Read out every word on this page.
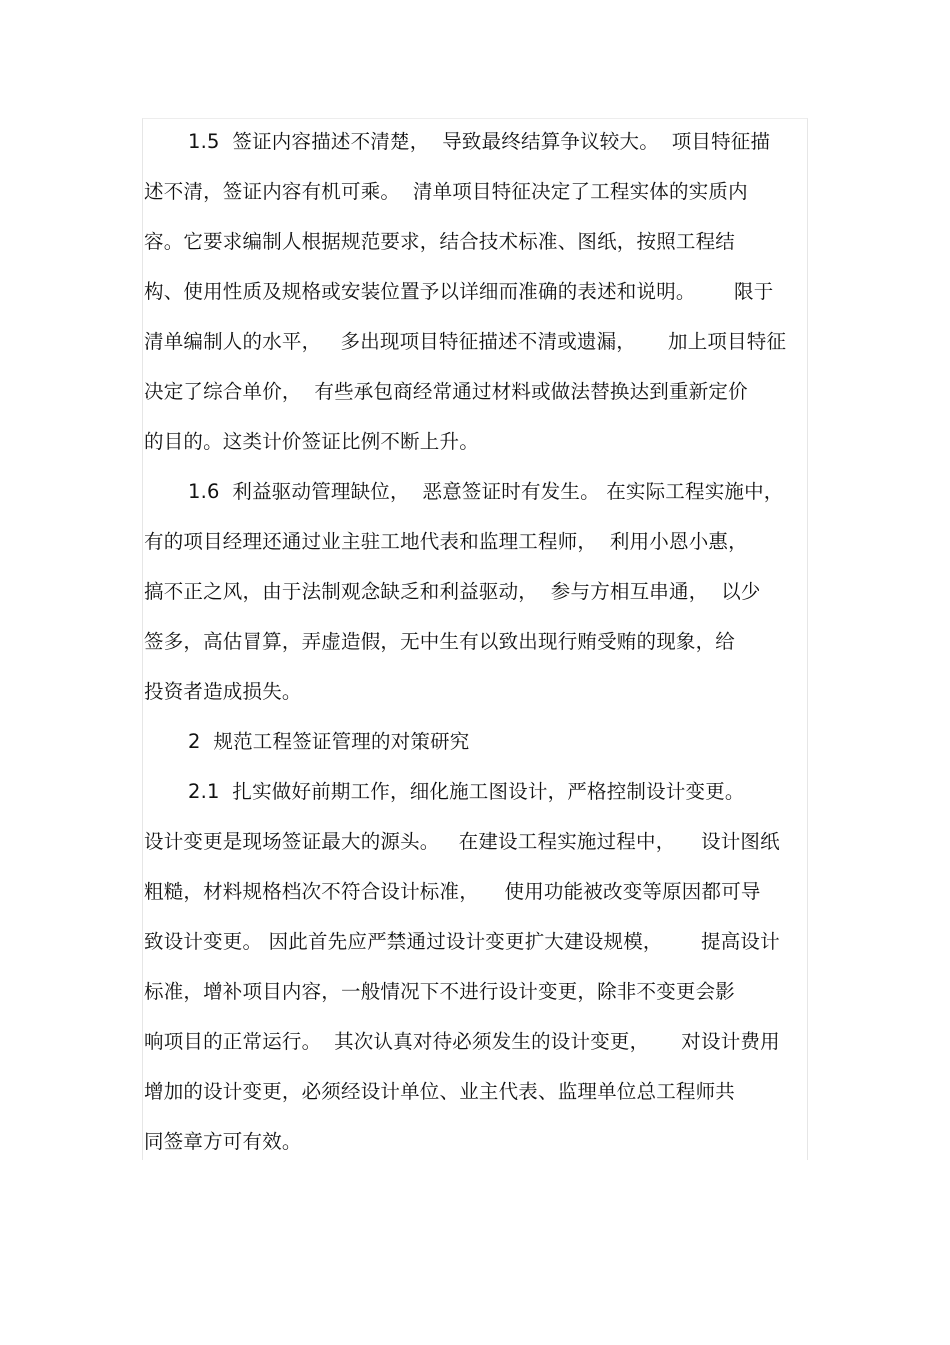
1.5  签证内容描述不清楚，  导致最终结算争议较大。  项目特征描
述不清，签证内容有机可乘。  清单项目特征决定了工程实体的实质内
容。它要求编制人根据规范要求，结合技术标准、图纸，按照工程结
构、使用性质及规格或安装位置予以详细而准确的表述和说明。      限于
清单编制人的水平，   多出现项目特征描述不清或遗漏，     加上项目特征
决定了综合单价，  有些承包商经常通过材料或做法替换达到重新定价
的目的。这类计价签证比例不断上升。
1.6  利益驱动管理缺位，  恶意签证时有发生。 在实际工程实施中，
有的项目经理还通过业主驻工地代表和监理工程师，  利用小恩小惠，
搞不正之风，由于法制观念缺乏和利益驱动，  参与方相互串通，  以少
签多，高估冒算，弄虚造假，无中生有以致出现行贿受贿的现象，给
投资者造成损失。
2  规范工程签证管理的对策研究
2.1  扎实做好前期工作，细化施工图设计，严格控制设计变更。
设计变更是现场签证最大的源头。   在建设工程实施过程中，    设计图纸
粗糙，材料规格档次不符合设计标准，    使用功能被改变等原因都可导
致设计变更。 因此首先应严禁通过设计变更扩大建设规模，      提高设计
标准，增补项目内容，一般情况下不进行设计变更，除非不变更会影
响项目的正常运行。  其次认真对待必须发生的设计变更，     对设计费用
增加的设计变更，必须经设计单位、业主代表、监理单位总工程师共
同签章方可有效。
